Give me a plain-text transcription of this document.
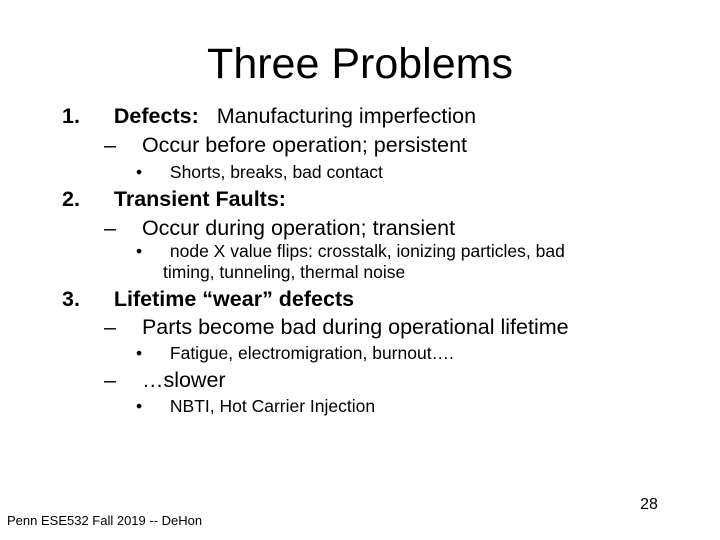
Three Problems
1. Defects: Manufacturing imperfection
– Occur before operation; persistent
• Shorts, breaks, bad contact
2. Transient Faults:
– Occur during operation; transient
• node X value flips: crosstalk, ionizing particles, bad
timing, tunneling, thermal noise
3. Lifetime “wear” defects
– Parts become bad during operational lifetime
• Fatigue, electromigration, burnout….
– …slower
• NBTI, Hot Carrier Injection
Penn ESE532 Fall 2019 -- DeHon
28
